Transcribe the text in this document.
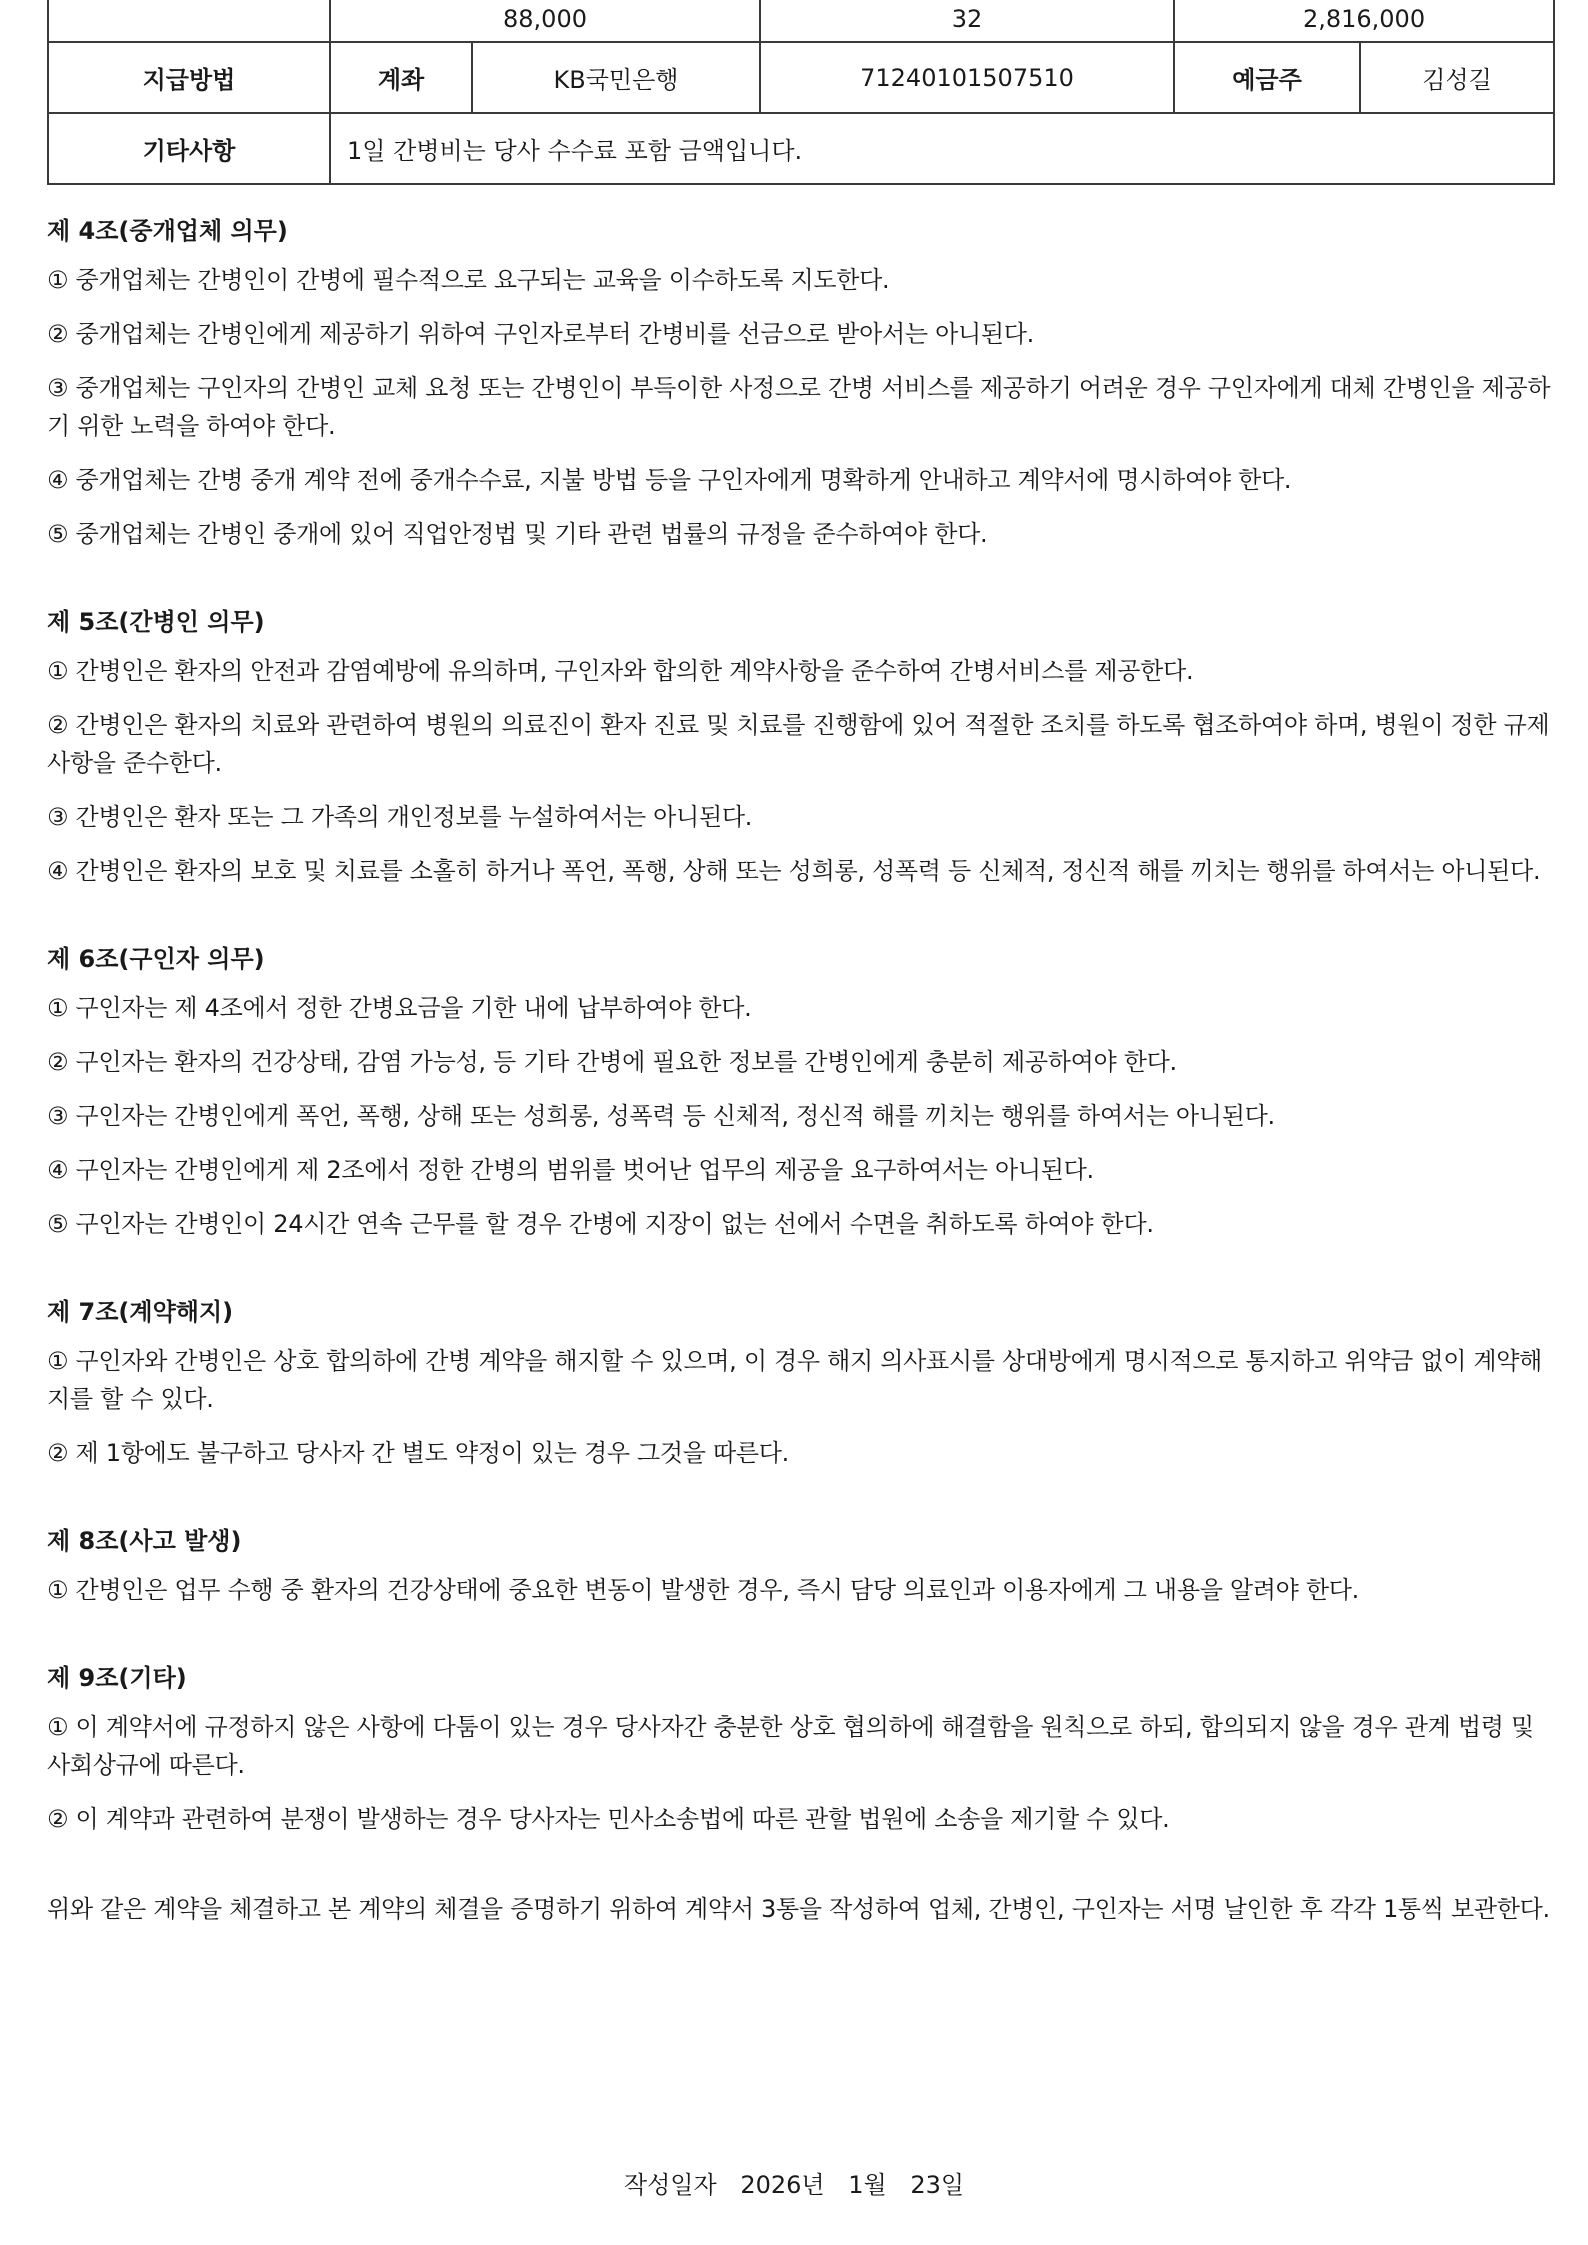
	88,000		32	2,816,000	
지급방법	계좌	KB국민은행	71240101507510	예금주	김성길
기타사항	1일 간병비는 당사 수수료 포함 금액입니다.				
제 4조(중개업체 의무)
① 중개업체는 간병인이 간병에 필수적으로 요구되는 교육을 이수하도록 지도한다.
② 중개업체는 간병인에게 제공하기 위하여 구인자로부터 간병비를 선금으로 받아서는 아니된다.
③ 중개업체는 구인자의 간병인 교체 요청 또는 간병인이 부득이한 사정으로 간병 서비스를 제공하기 어려운 경우 구인자에게 대체 간병인을 제공하기 위한 노력을 하여야 한다.
④ 중개업체는 간병 중개 계약 전에 중개수수료, 지불 방법 등을 구인자에게 명확하게 안내하고 계약서에 명시하여야 한다.
⑤ 중개업체는 간병인 중개에 있어 직업안정법 및 기타 관련 법률의 규정을 준수하여야 한다.
제 5조(간병인 의무)
① 간병인은 환자의 안전과 감염예방에 유의하며, 구인자와 합의한 계약사항을 준수하여 간병서비스를 제공한다.
② 간병인은 환자의 치료와 관련하여 병원의 의료진이 환자 진료 및 치료를 진행함에 있어 적절한 조치를 하도록 협조하여야 하며, 병원이 정한 규제사항을 준수한다.
③ 간병인은 환자 또는 그 가족의 개인정보를 누설하여서는 아니된다.
④ 간병인은 환자의 보호 및 치료를 소홀히 하거나 폭언, 폭행, 상해 또는 성희롱, 성폭력 등 신체적, 정신적 해를 끼치는 행위를 하여서는 아니된다.
제 6조(구인자 의무)
① 구인자는 제 4조에서 정한 간병요금을 기한 내에 납부하여야 한다.
② 구인자는 환자의 건강상태, 감염 가능성, 등 기타 간병에 필요한 정보를 간병인에게 충분히 제공하여야 한다.
③ 구인자는 간병인에게 폭언, 폭행, 상해 또는 성희롱, 성폭력 등 신체적, 정신적 해를 끼치는 행위를 하여서는 아니된다.
④ 구인자는 간병인에게 제 2조에서 정한 간병의 범위를 벗어난 업무의 제공을 요구하여서는 아니된다.
⑤ 구인자는 간병인이 24시간 연속 근무를 할 경우 간병에 지장이 없는 선에서 수면을 취하도록 하여야 한다.
제 7조(계약해지)
① 구인자와 간병인은 상호 합의하에 간병 계약을 해지할 수 있으며, 이 경우 해지 의사표시를 상대방에게 명시적으로 통지하고 위약금 없이 계약해지를 할 수 있다.
② 제 1항에도 불구하고 당사자 간 별도 약정이 있는 경우 그것을 따른다.
제 8조(사고 발생)
① 간병인은 업무 수행 중 환자의 건강상태에 중요한 변동이 발생한 경우, 즉시 담당 의료인과 이용자에게 그 내용을 알려야 한다.
제 9조(기타)
① 이 계약서에 규정하지 않은 사항에 다툼이 있는 경우 당사자간 충분한 상호 협의하에 해결함을 원칙으로 하되, 합의되지 않을 경우 관계 법령 및 사회상규에 따른다.
② 이 계약과 관련하여 분쟁이 발생하는 경우 당사자는 민사소송법에 따른 관할 법원에 소송을 제기할 수 있다.
위와 같은 계약을 체결하고 본 계약의 체결을 증명하기 위하여 계약서 3통을 작성하여 업체, 간병인, 구인자는 서명 날인한 후 각각 1통씩 보관한다.
작성일자 2026년 1월 23일
